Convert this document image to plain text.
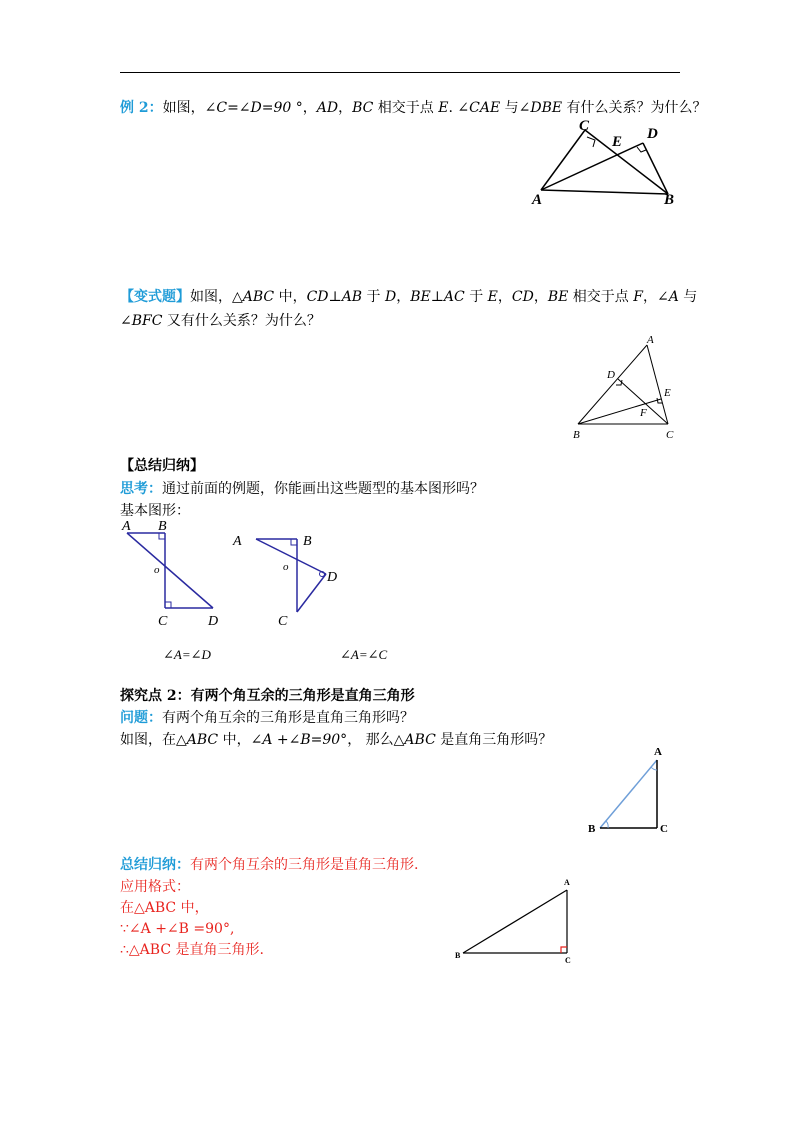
例 2：如图，∠C=∠D=90 °，AD，BC 相交于点 E. ∠CAE 与∠DBE 有什么关系？为什么？
C
E D
A	B
【变式题】如图，△ABC 中，CD⊥AB 于 D，BE⊥AC 于 E，CD，BE 相交于点 F，∠A 与
∠BFC 又有什么关系？为什么？
A
D
E
F
B	C
【总结归纳】
思考：通过前面的例题，你能画出这些题型的基本图形吗？
基本图形：
A B
o
C	D
A	B
o
D
C
∠A=∠D	∠A=∠C
探究点 2：有两个角互余的三角形是直角三角形
问题：有两个角互余的三角形是直角三角形吗？
如图，在△ABC 中，∠A +∠B=90°， 那么△ABC 是直角三角形吗？
A
B	C
总结归纳：有两个角互余的三角形是直角三角形.
应用格式：
在△ABC 中，
∵∠A +∠B =90°,
∴△ABC 是直角三角形.
A
B
C
